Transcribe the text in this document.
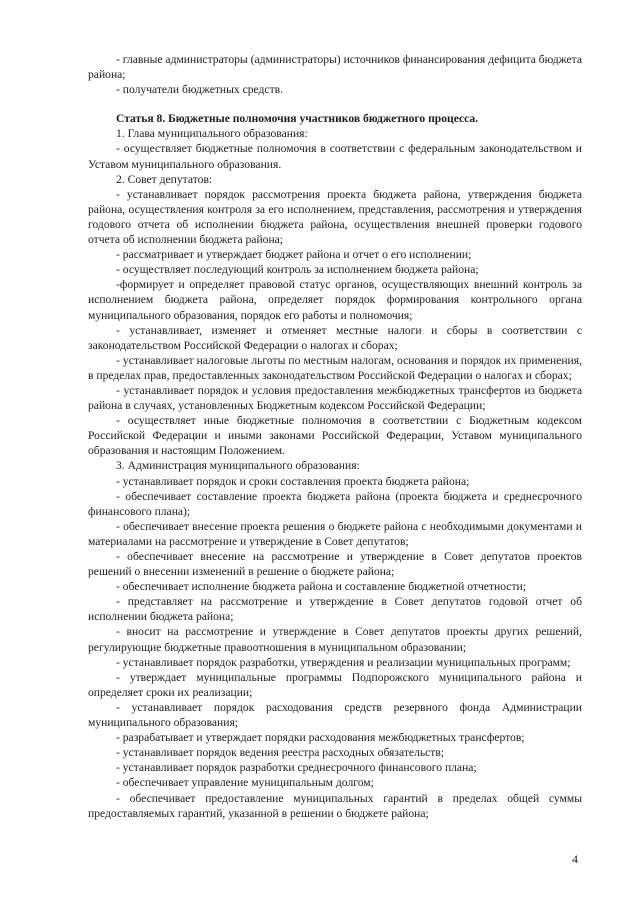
- главные администраторы (администраторы) источников финансирования дефицита бюджета района;

- получатели бюджетных средств.

Статья 8. Бюджетные полномочия участников бюджетного процесса.

1. Глава муниципального образования:

- осуществляет бюджетные полномочия в соответствии с федеральным законодательством и Уставом муниципального образования.

2. Совет депутатов:

- устанавливает порядок рассмотрения проекта бюджета района, утверждения бюджета района, осуществления контроля за его исполнением, представления, рассмотрения и утверждения годового отчета об исполнении бюджета района, осуществления внешней проверки годового отчета об исполнении бюджета района;

- рассматривает и утверждает бюджет района и отчет о его исполнении;

- осуществляет последующий контроль за исполнением бюджета района;

-формирует и определяет правовой статус органов, осуществляющих внешний контроль за исполнением бюджета района, определяет порядок формирования контрольного органа муниципального образования, порядок его работы и полномочия;

- устанавливает, изменяет и отменяет местные налоги и сборы в соответствии с законодательством Российской Федерации о налогах и сборах;

- устанавливает налоговые льготы по местным налогам, основания и порядок их применения, в пределах прав, предоставленных законодательством Российской Федерации о налогах и сборах;

- устанавливает порядок и условия предоставления межбюджетных трансфертов из бюджета района в случаях, установленных Бюджетным кодексом Российской Федерации;

- осуществляет иные бюджетные полномочия в соответствии с Бюджетным кодексом Российской Федерации и иными законами Российской Федерации, Уставом муниципального образования и настоящим Положением.

3. Администрация муниципального образования:

- устанавливает порядок и сроки составления проекта бюджета района;

- обеспечивает составление проекта бюджета района (проекта бюджета и среднесрочного финансового плана);

- обеспечивает внесение проекта решения о бюджете района с необходимыми документами и материалами на рассмотрение и утверждение в Совет депутатов;

- обеспечивает внесение на рассмотрение и утверждение в Совет депутатов проектов решений о внесении изменений в решение о бюджете района;

- обеспечивает исполнение бюджета района и составление бюджетной отчетности;

- представляет на рассмотрение и утверждение в Совет депутатов годовой отчет об исполнении бюджета района;

- вносит на рассмотрение и утверждение в Совет депутатов проекты других решений, регулирующие бюджетные правоотношения в муниципальном образовании;

- устанавливает порядок разработки, утверждения и реализации муниципальных программ;

- утверждает муниципальные программы Подпорожского муниципального района и определяет сроки их реализации;

- устанавливает порядок расходования средств резервного фонда Администрации муниципального образования;

- разрабатывает и утверждает порядки расходования межбюджетных трансфертов;

- устанавливает порядок ведения реестра расходных обязательств;

- устанавливает порядок разработки среднесрочного финансового плана;

- обеспечивает управление муниципальным долгом;

- обеспечивает предоставление муниципальных гарантий в пределах общей суммы предоставляемых гарантий, указанной в решении о бюджете района;

4
